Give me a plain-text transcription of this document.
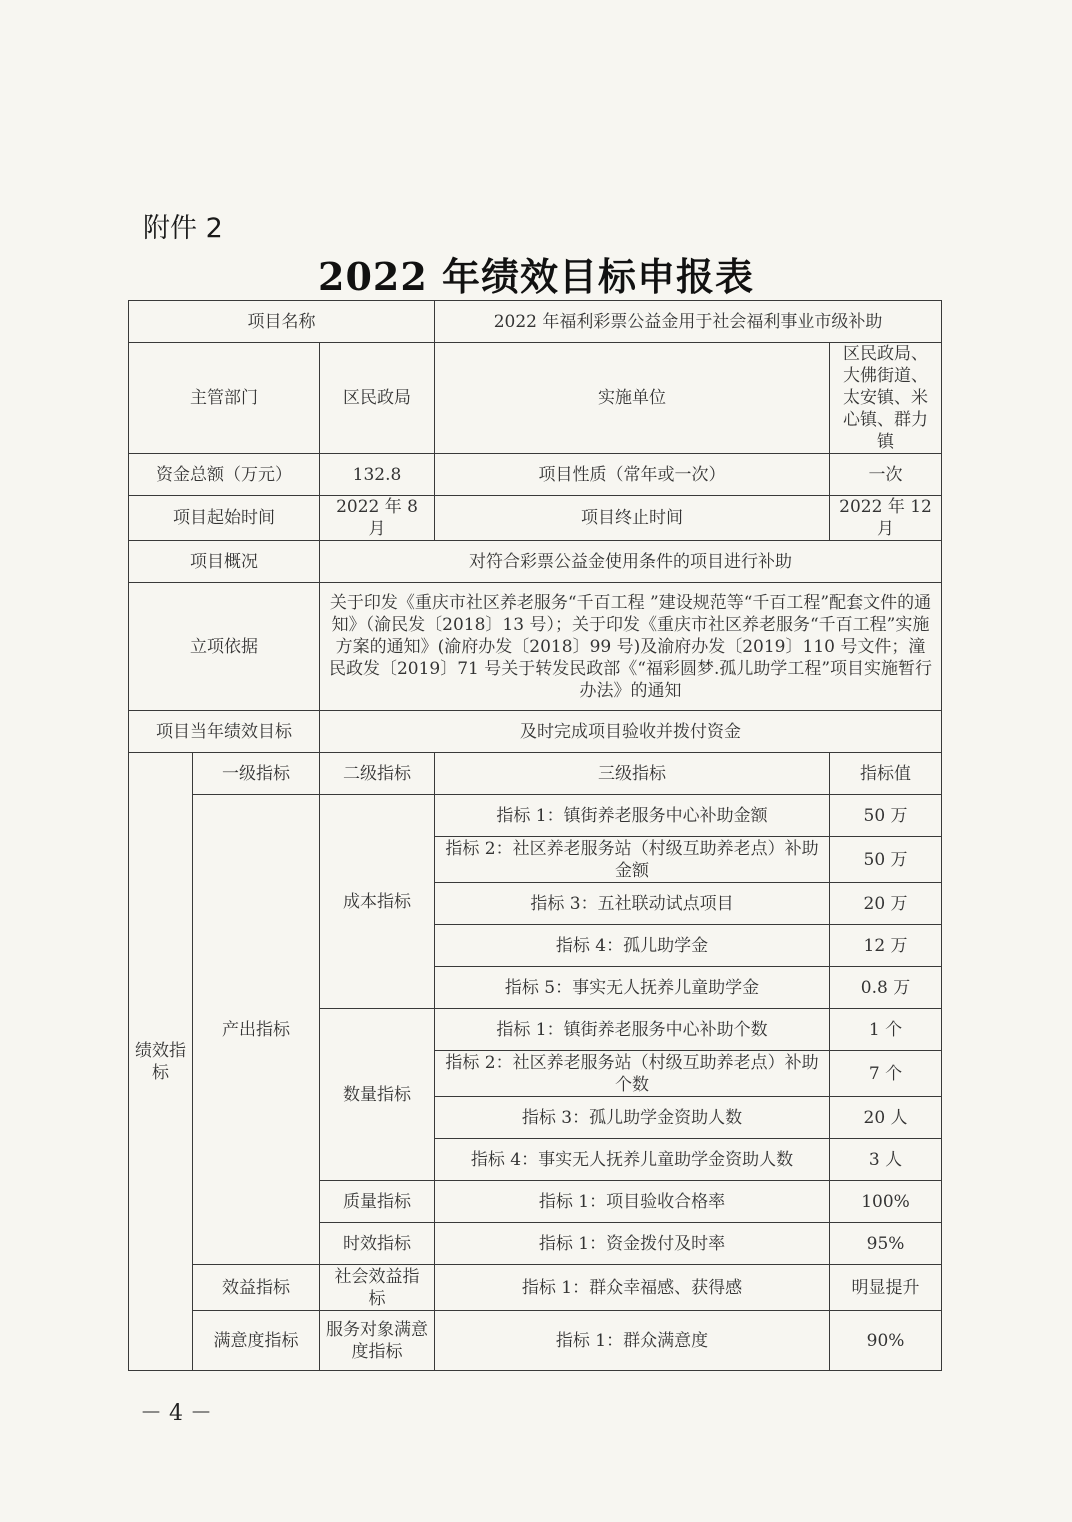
附件 2
2022 年绩效目标申报表
项目名称			2022 年福利彩票公益金用于社会福利事业市级补助	
主管部门		区民政局	实施单位	区民政局、大佛街道、太安镇、米心镇、群力镇
资金总额（万元）		132.8	项目性质（常年或一次）	一次
项目起始时间		2022 年 8 月	项目终止时间	2022 年 12 月
项目概况		对符合彩票公益金使用条件的项目进行补助		
立项依据		关于印发《重庆市社区养老服务“千百工程 ”建设规范等“千百工程”配套文件的通知》（渝民发〔2018〕13 号）；关于印发《重庆市社区养老服务“千百工程”实施方案的通知》(渝府办发〔2018〕99 号)及渝府办发〔2019〕110 号文件；潼民政发〔2019〕71 号关于转发民政部《“福彩圆梦.孤儿助学工程”项目实施暂行办法》的通知		
项目当年绩效目标		及时完成项目验收并拨付资金		
绩效指标	一级指标	二级指标	三级指标	指标值
	产出指标	成本指标	指标 1：镇街养老服务中心补助金额	50 万
			指标 2：社区养老服务站（村级互助养老点）补助金额	50 万
			指标 3：五社联动试点项目	20 万
			指标 4：孤儿助学金	12 万
			指标 5：事实无人抚养儿童助学金	0.8 万
		数量指标	指标 1：镇街养老服务中心补助个数	1 个
			指标 2：社区养老服务站（村级互助养老点）补助个数	7 个
			指标 3：孤儿助学金资助人数	20 人
			指标 4：事实无人抚养儿童助学金资助人数	3 人
		质量指标	指标 1：项目验收合格率	100%
		时效指标	指标 1：资金拨付及时率	95%
	效益指标	社会效益指标	指标 1：群众幸福感、获得感	明显提升
	满意度指标	服务对象满意度指标	指标 1：群众满意度	90%
－ 4 －
